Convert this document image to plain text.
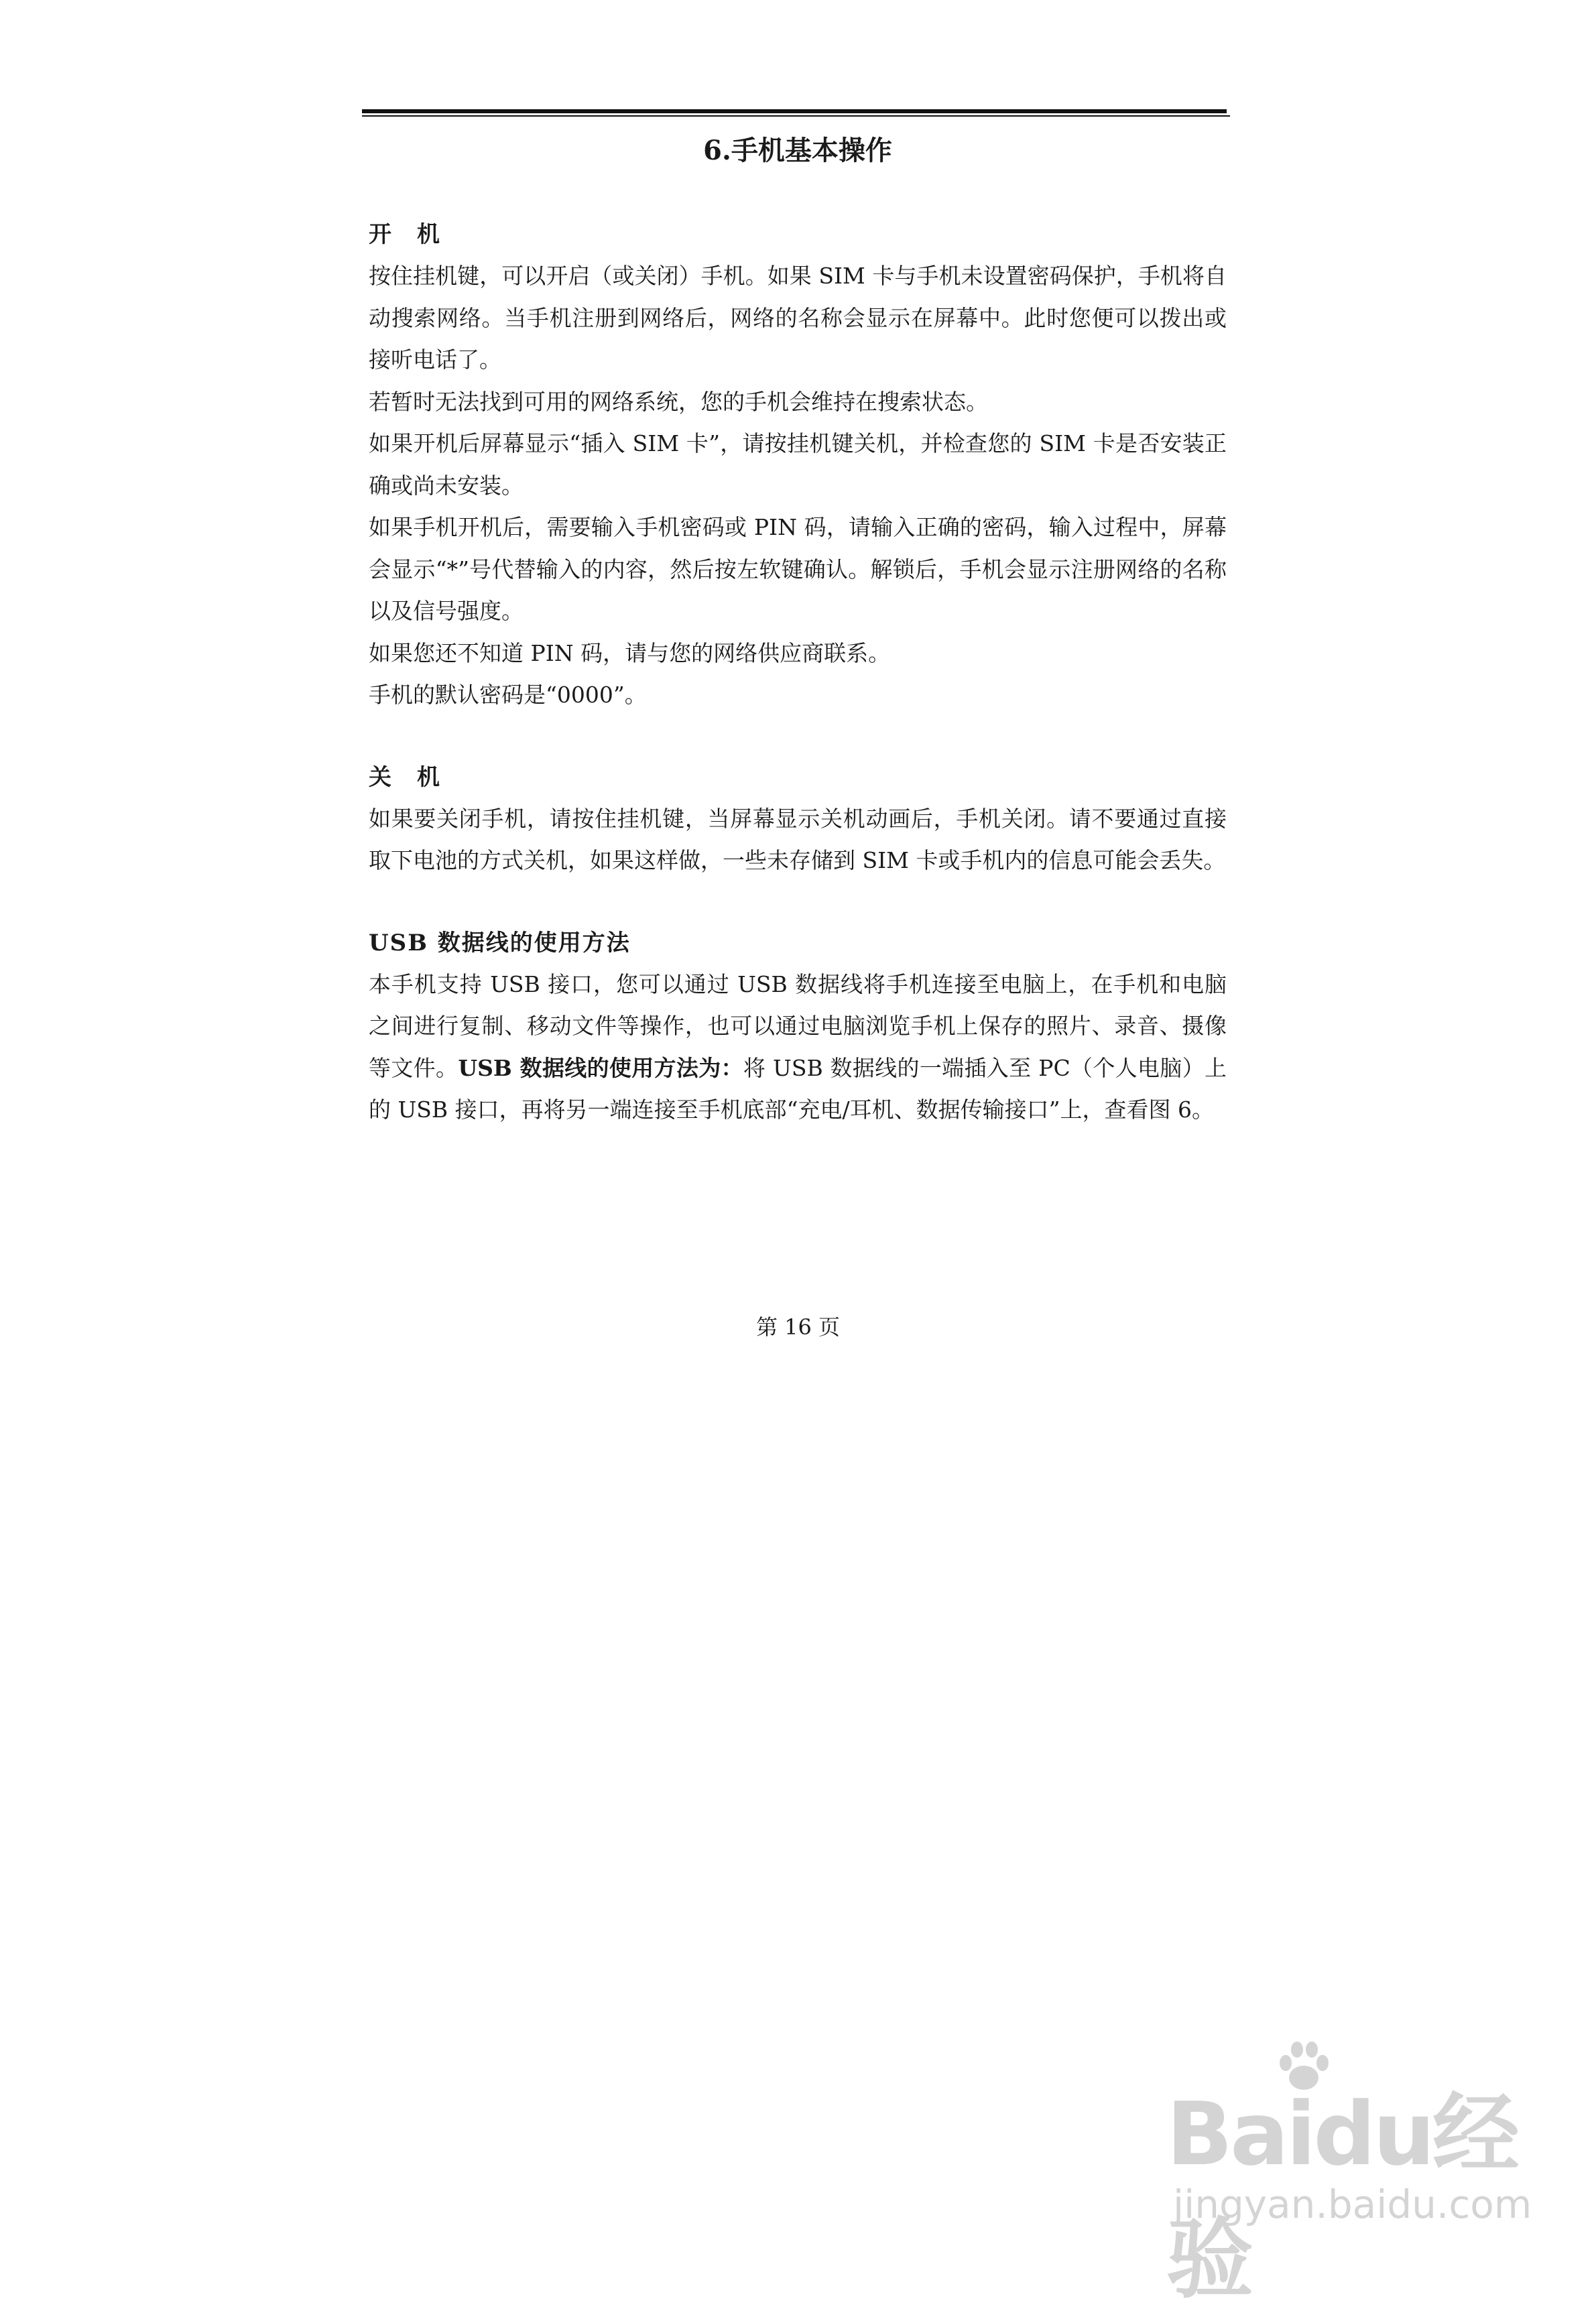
6.手机基本操作
开　机

按住挂机键，可以开启（或关闭）手机。如果 SIM 卡与手机未设置密码保护，手机将自动搜索网络。当手机注册到网络后，网络的名称会显示在屏幕中。此时您便可以拨出或接听电话了。

若暂时无法找到可用的网络系统，您的手机会维持在搜索状态。

如果开机后屏幕显示“插入 SIM 卡”，请按挂机键关机，并检查您的 SIM 卡是否安装正确或尚未安装。

如果手机开机后，需要输入手机密码或 PIN 码，请输入正确的密码，输入过程中，屏幕会显示“*”号代替输入的内容，然后按左软键确认。解锁后，手机会显示注册网络的名称以及信号强度。

如果您还不知道 PIN 码，请与您的网络供应商联系。

手机的默认密码是“0000”。

关　机

如果要关闭手机，请按住挂机键，当屏幕显示关机动画后，手机关闭。请不要通过直接取下电池的方式关机，如果这样做，一些未存储到 SIM 卡或手机内的信息可能会丢失。

USB 数据线的使用方法

本手机支持 USB 接口，您可以通过 USB 数据线将手机连接至电脑上，在手机和电脑之间进行复制、移动文件等操作，也可以通过电脑浏览手机上保存的照片、录音、摄像等文件。USB 数据线的使用方法为：将 USB 数据线的一端插入至 PC（个人电脑）上的 USB 接口，再将另一端连接至手机底部“充电/耳机、数据传输接口”上，查看图 6。

第 16 页
Baidu经验
jingyan.baidu.com
